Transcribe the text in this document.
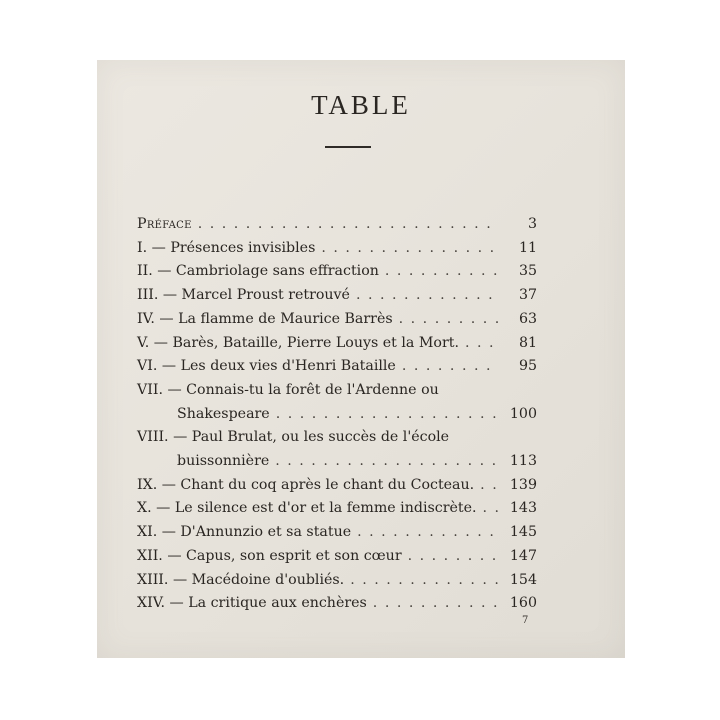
TABLE
Préface . . .	3
I. — Présences invisibles . . .	11
II. — Cambriolage sans effraction . . .	35
III. — Marcel Proust retrouvé . . .	37
IV. — La flamme de Maurice Barrès . . .	63
V. — Barès, Bataille, Pierre Louys et la Mort. . . .	81
VI. — Les deux vies d'Henri Bataille . . .	95
VII. — Connais-tu la forêt de l'Ardenne ou
Shakespeare . . .	100
VIII. — Paul Brulat, ou les succès de l'école
buissonnière . . .	113
IX. — Chant du coq après le chant du Cocteau. . . .	139
X. — Le silence est d'or et la femme indiscrète. . . .	143
XI. — D'Annunzio et sa statue . . .	145
XII. — Capus, son esprit et son cœur . . .	147
XIII. — Macédoine d'oubliés. . . .	154
XIV. — La critique aux enchères . . .	160
7
